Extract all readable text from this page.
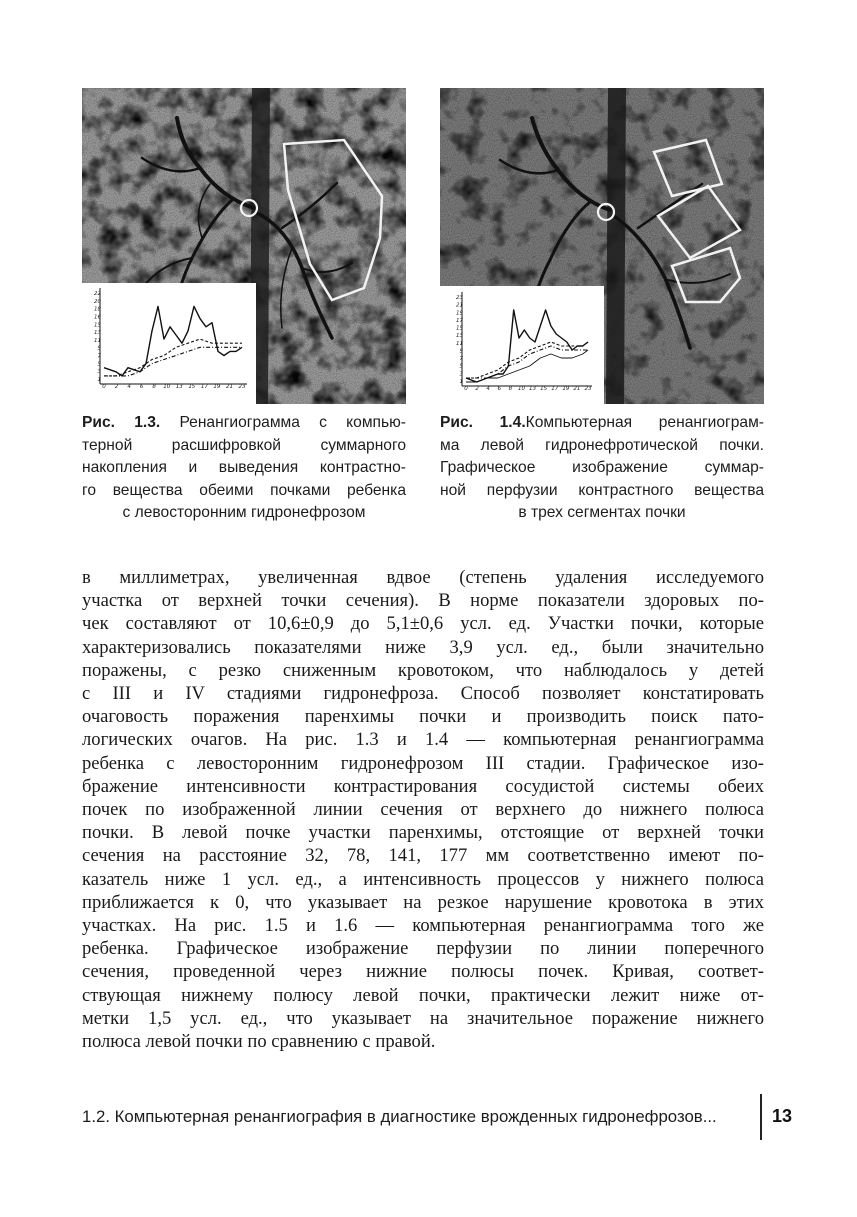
22
20
18
16
15
13
11
9
7
5
3
1
0 2 4 6 8 10 13 15 17 19 21 23
23
21
19
17
15
13
11
9
7
5
3
1
0 2 4 6 8 10 13 15 17 19 21 23
Рис. 1.3. Ренангиограмма с компью-
терной расшифровкой суммарного
накопления и выведения контрастно-
го вещества обеими почками ребенка
с левосторонним гидронефрозом
Рис. 1.4.Компьютерная ренангиограм-
ма левой гидронефротической почки.
Графическое изображение суммар-
ной перфузии контрастного вещества
в трех сегментах почки
в миллиметрах, увеличенная вдвое (степень удаления исследуемого
участка от верхней точки сечения). В норме показатели здоровых по-
чек составляют от 10,6±0,9 до 5,1±0,6 усл. ед. Участки почки, которые
характеризовались показателями ниже 3,9 усл. ед., были значительно
поражены, с резко сниженным кровотоком, что наблюдалось у детей
с III и IV стадиями гидронефроза. Способ позволяет констатировать
очаговость поражения паренхимы почки и производить поиск пато-
логических очагов. На рис. 1.3 и 1.4 — компьютерная ренангиограмма
ребенка с левосторонним гидронефрозом III стадии. Графическое изо-
бражение интенсивности контрастирования сосудистой системы обеих
почек по изображенной линии сечения от верхнего до нижнего полюса
почки. В левой почке участки паренхимы, отстоящие от верхней точки
сечения на расстояние 32, 78, 141, 177 мм соответственно имеют по-
казатель ниже 1 усл. ед., а интенсивность процессов у нижнего полюса
приближается к 0, что указывает на резкое нарушение кровотока в этих
участках. На рис. 1.5 и 1.6 — компьютерная ренангиограмма того же
ребенка. Графическое изображение перфузии по линии поперечного
сечения, проведенной через нижние полюсы почек. Кривая, соответ-
ствующая нижнему полюсу левой почки, практически лежит ниже от-
метки 1,5 усл. ед., что указывает на значительное поражение нижнего
полюса левой почки по сравнению с правой.
1.2. Компьютерная ренангиография в диагностике врожденных гидронефрозов...	13
